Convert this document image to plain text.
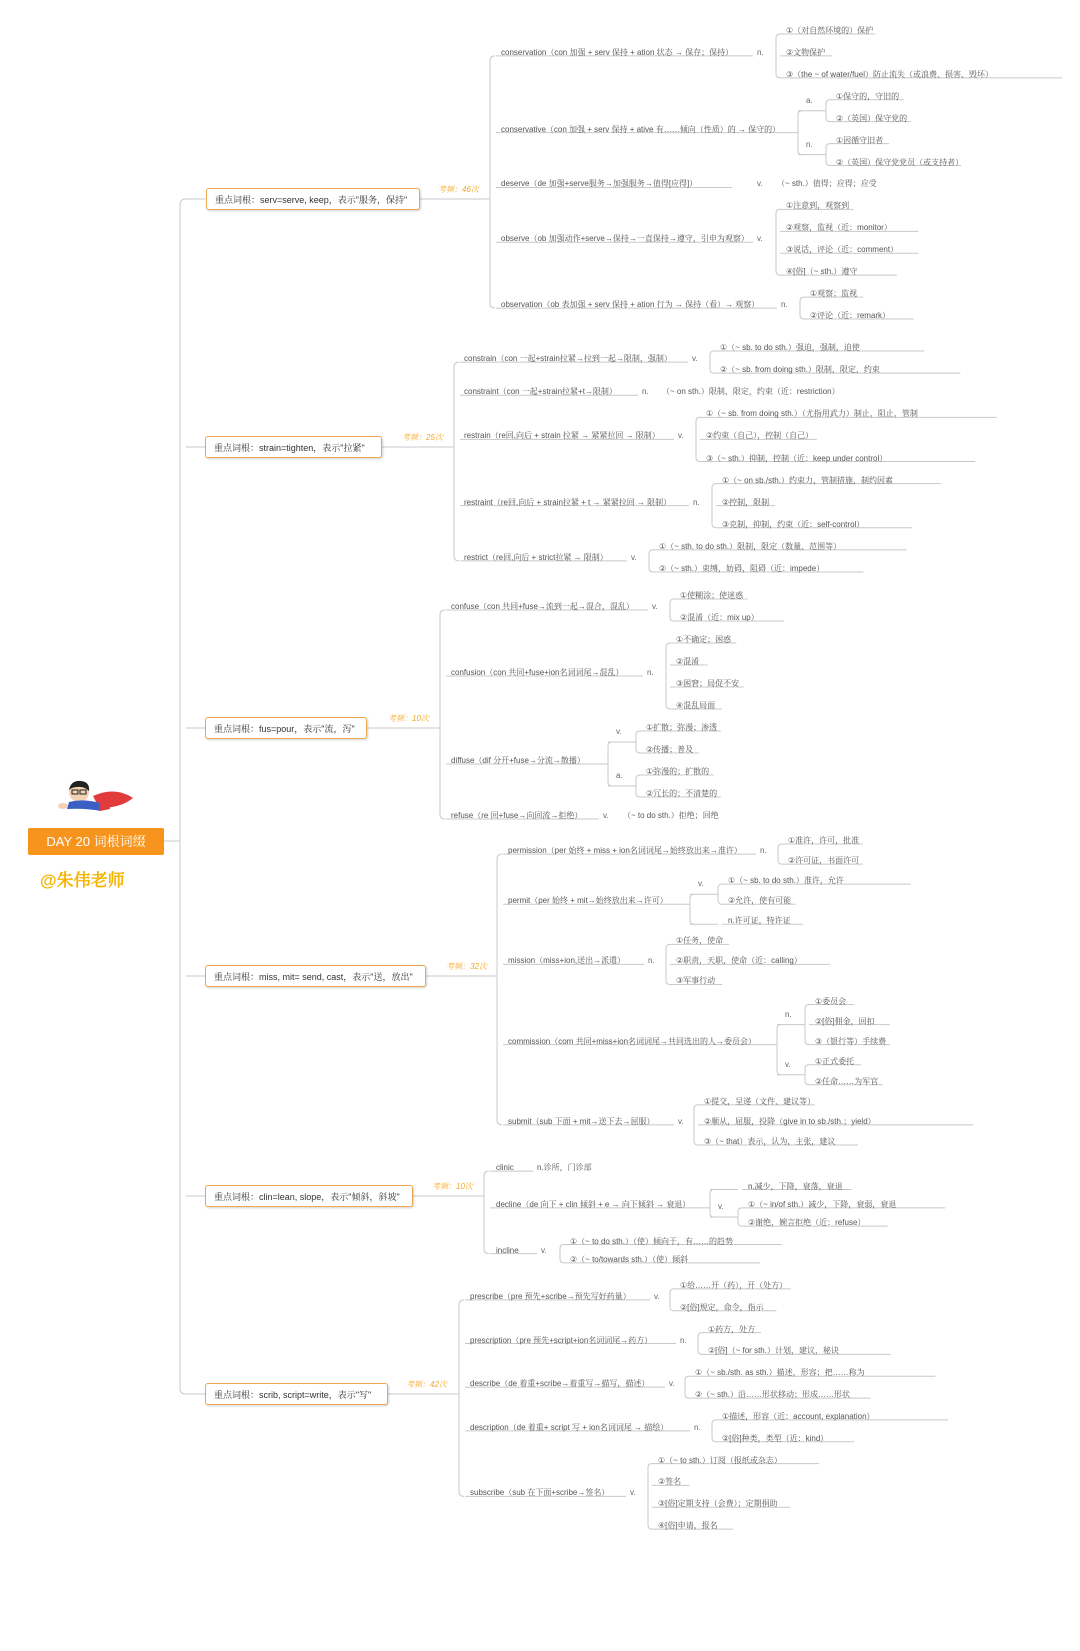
DAY 20 词根词缀
@朱伟老师
重点词根：serv=serve, keep，表示"服务，保持"
考频：46次
conservation（con 加强 + serv 保持 + ation 状态 → 保存；保持）	n.
①（对自然环境的）保护
②文物保护
③（the ~ of water/fuel）防止流失（或浪费、损害、毁坏）
conservative（con 加强 + serv 保持 + ative 有……倾向（性质）的 → 保守的）
a.	①保守的，守旧的
②（英国）保守党的
n.	①因循守旧者
②（英国）保守党党员（或支持者）
deserve（de 加强+serve服务→加强服务→值得[应得]）	v. （~ sth.）值得；应得；应受
observe（ob 加强动作+serve→保持→一直保持→遵守，引申为观察） v.
①注意到，观察到
②观察，监视（近：monitor）
③说话，评论（近：comment）
④[俗]（~ sth.）遵守
observation（ob 表加强 + serv 保持 + ation 行为 → 保持（看）→ 观察）	n.
①观察；监视
②评论（近：remark）
重点词根：strain=tighten，表示"拉紧"
考频：25次
constrain（con 一起+strain拉紧→拉到一起→限制，强制）	v.
①（~ sb. to do sth.）强迫，强制，迫使
②（~ sb. from doing sth.）限制，限定，约束
constraint（con 一起+strain拉紧+t→限制）	n. （~ on sth.）限制，限定，约束（近：restriction）
restrain（re回,向后 + strain 拉紧 → 紧紧拉回 → 限制） v.
①（~ sb. from doing sth.）（尤指用武力）制止，阻止，管制
②约束（自己），控制（自己）
③（~ sth.）抑制，控制（近：keep under control）
restraint（re回,向后 + strain拉紧 + t → 紧紧拉回 → 限制）	n.
①（~ on sb./sth.）约束力，管制措施，制约因素
②控制，限制
③克制，抑制，约束（近：self-control）
restrict（re回,向后 + strict拉紧 → 限制）	v.
①（~ sth. to do sth.）限制，限定（数量、范围等）
②（~ sth.）束缚，妨碍，阻碍（近：impede）
重点词根：fus=pour，表示"流，泻"
考频：10次
confuse（con 共同+fuse→流到一起→混合，混乱） v.
①使糊涂；使迷惑
②混淆（近：mix up）
confusion（con 共同+fuse+ion名词词尾→混乱）	n.
①不确定；困惑
②混淆
③困窘；局促不安
④混乱局面
diffuse（dif 分开+fuse→分流→散播）
v.	①扩散；弥漫；渗透
②传播；普及
a.	①弥漫的；扩散的
②冗长的；不清楚的
refuse（re 回+fuse→向回流→拒绝）	v. （~ to do sth.）拒绝；回绝
重点词根：miss, mit= send, cast，表示"送，放出"
考频：32次
permission（per 始终 + miss + ion名词词尾→始终放出来→准许） n.
①准许，许可，批准
②许可证，书面许可
permit（per 始终 + mit→始终放出来→许可）
v.	①（~ sb. to do sth.）准许，允许
②允许，使有可能
n.许可证，特许证
mission（miss+ion,送出→派遣）	n.
①任务，使命
②职责，天职，使命（近：calling）
③军事行动
commission（com 共同+miss+ion名词词尾→共同选出的人→委员会）
n.
①委员会
②[俗]佣金，回扣
③（银行等）手续费
v.	①正式委托
②任命……为军官
submit（sub 下面 + mit→送下去→屈服）	v.
①提交，呈递（文件、建议等）
②顺从，屈服，投降（give in to sb./sth.；yield）
③（~ that）表示，认为，主张，建议
重点词根：clin=lean, slope，表示"倾斜，斜坡"
考频：10次
clinic	n.诊所，门诊部
decline（de 向下 + clin 倾斜 + e → 向下倾斜 → 衰退）
n.减少，下降，衰落，衰退
v.	①（~ in/of sth.）减少，下降，衰弱，衰退
②谢绝，婉言拒绝（近：refuse）
incline	v.
①（~ to do sth.）（使）倾向于，有……的趋势
②（~ to/towards sth.）（使）倾斜
重点词根：scrib, script=write，表示"写"
考频：42次
prescribe（pre 预先+scribe→预先写好药量）	v.
①给……开（药），开（处方）
②[俗]规定，命令，指示
prescription（pre 预先+script+ion名词词尾→药方）	n.
①药方，处方
②[俗]（~ for sth.）计划，建议，秘诀
describe（de 着重+scribe→着重写→描写，描述） v.
①（~ sb./sth. as sth.）描述，形容；把……称为
②（~ sth.）沿……形状移动；形成……形状
description（de 着重+ script 写 + ion名词词尾 → 描绘）	n.
①描述，形容（近：account, explanation）
②[俗]种类，类型（近：kind）
subscribe（sub 在下面+scribe→签名）	v.
①（~ to sth.）订阅（报纸或杂志）
②签名
③[俗]定期支持（会费）；定期捐助
④[俗]申请，报名
